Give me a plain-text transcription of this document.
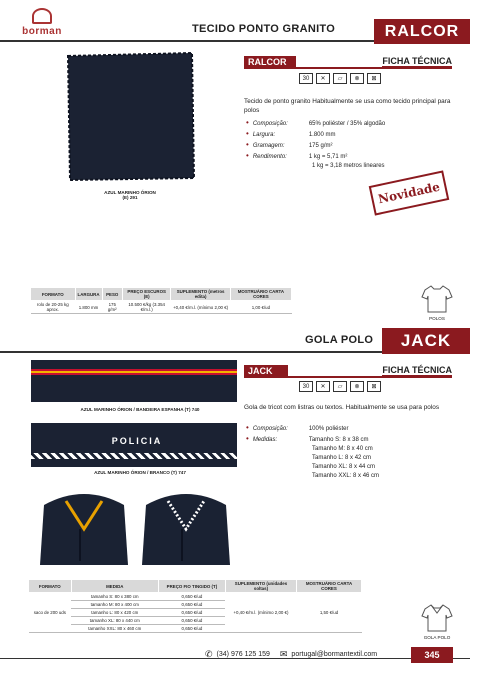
borman	TECIDO PONTO GRANITO	RALCOR
AZUL MARINHO ÓRION
(E) 291
RALCOR	FICHA TÉCNICA
30	✕	▱	⊗	⊠
Tecido de ponto granito Habitualmente se usa como tecido principal para polos
• Composição:	65% poliéster / 35% algodão
• Largura:	1.800 mm
• Gramagem:	175 g/m²
• Rendimento:	1 kg = 5,71 m²
1 kg = 3,18 metros lineares
Novidade
FORMATO	LARGURA	PESO	PREÇO ESCUROS (E)	SUPLEMENTO (metros edita)	MOSTRUÁRIO CARTA CORES
rolo de 20-25 kg aprox.	1.800 mm	175 g/m²	10.500 €/kg (3.354 €/m.l.)	+0,40 €/m.l. (mínimo 2,00 €)	1,00 €/ud
POLOS
GOLA POLO	JACK
AZUL MARINHO ÓRION / BANDEIRA ESPANHA (T) 740
POLICIA
AZUL MARINHO ÓRION / BRANCO (T) 747
JACK	FICHA TÉCNICA
30	✕	▱	⊗	⊠
Gola de tricot com listras ou textos. Habitualmente se usa para polos
• Composição:	100% poliéster
• Medidas:	Tamanho S: 8 x 38 cm
Tamanho M: 8 x 40 cm
Tamanho L: 8 x 42 cm
Tamanho XL: 8 x 44 cm
Tamanho XXL: 8 x 46 cm
FORMATO	MEDIDA	PREÇO FIO TINGIDO (T)	SUPLEMENTO (unidades soltas)	MOSTRUÁRIO CARTA CORES
saco de 200 uds	tamanho S: 80 x 380 cm	0,650 €/ud	+0,40 €/m.l. (mínimo 2,00 €)	1,50 €/ud
	tamanho M: 80 x 400 cm	0,650 €/ud		
	tamanho L: 80 x 420 cm	0,650 €/ud		
	tamanho XL: 80 x 440 cm	0,650 €/ud		
	tamanho XXL: 80 x 460 cm	0,650 €/ud		
GOLA POLO
✆ (34) 976 125 159 ✉ portugal@bormantextil.com	345
